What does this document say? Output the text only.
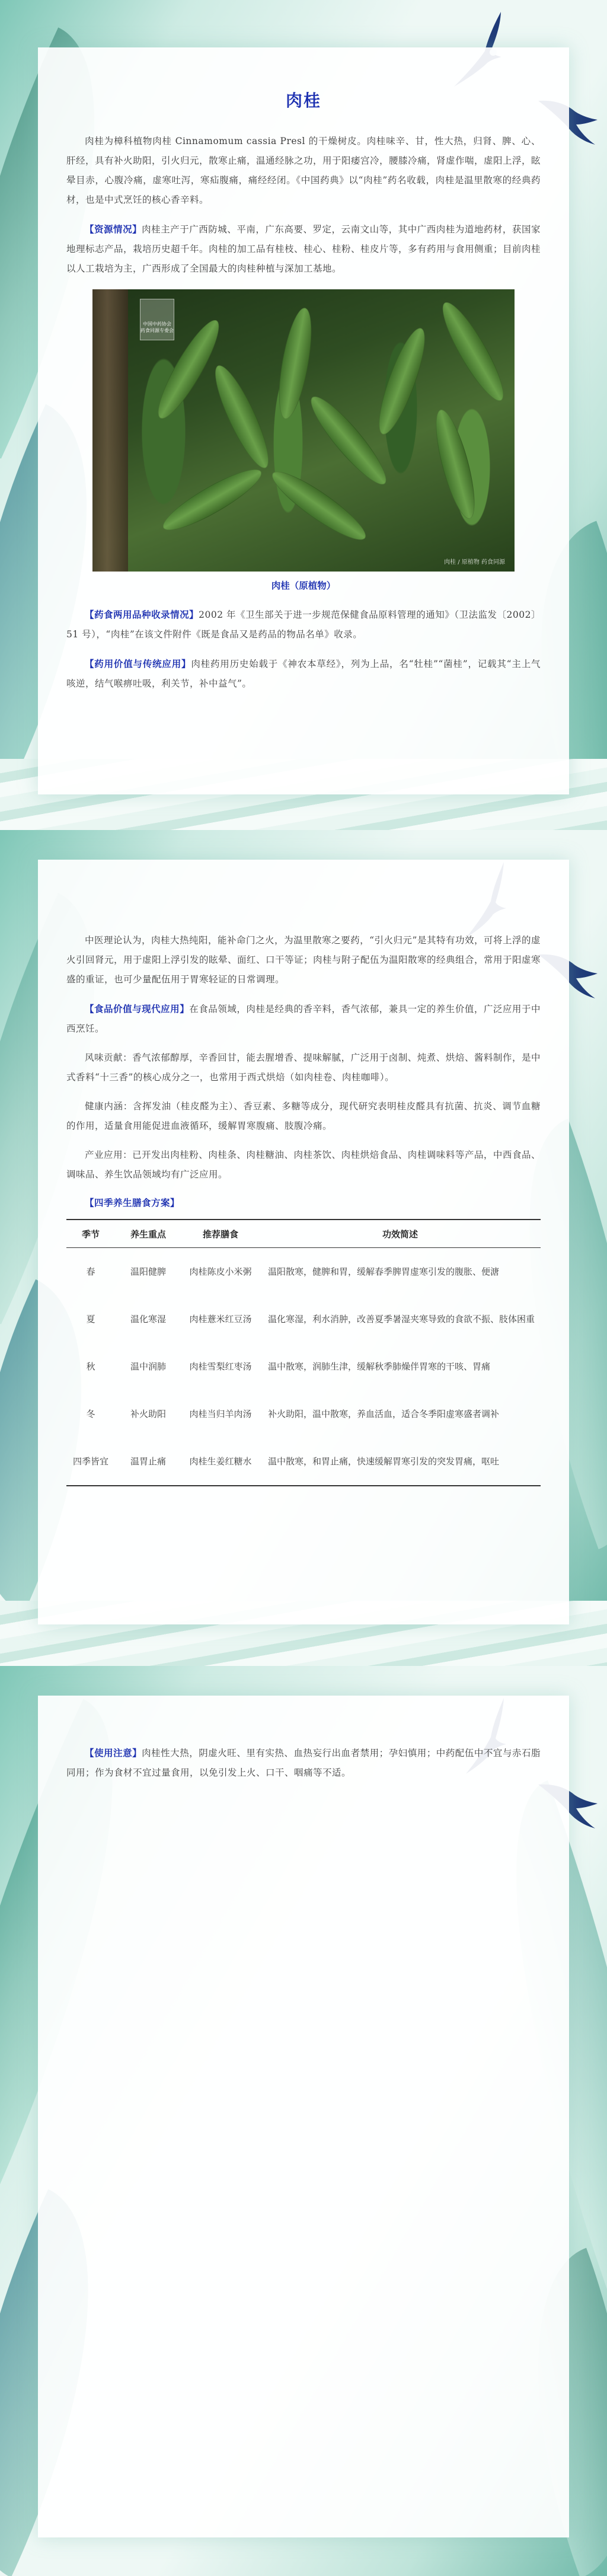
肉桂

肉桂为樟科植物肉桂 Cinnamomum cassia Presl 的干燥树皮。肉桂味辛、甘，性大热，归肾、脾、心、肝经，具有补火助阳，引火归元，散寒止痛，温通经脉之功，用于阳痿宫冷，腰膝冷痛，肾虚作喘，虚阳上浮，眩晕目赤，心腹冷痛，虚寒吐泻，寒疝腹痛，痛经经闭。《中国药典》以“肉桂”药名收载，肉桂是温里散寒的经典药材，也是中式烹饪的核心香辛料。

【资源情况】肉桂主产于广西防城、平南，广东高要、罗定，云南文山等，其中广西肉桂为道地药材，获国家地理标志产品，栽培历史超千年。肉桂的加工品有桂枝、桂心、桂粉、桂皮片等，多有药用与食用侧重；目前肉桂以人工栽培为主，广西形成了全国最大的肉桂种植与深加工基地。

中国中药协会 药食同源专委会
肉桂 / 原植物 药食同源
肉桂（原植物）

【药食两用品种收录情况】2002 年《卫生部关于进一步规范保健食品原料管理的通知》（卫法监发〔2002〕51 号），“肉桂”在该文件附件《既是食品又是药品的物品名单》收录。

【药用价值与传统应用】肉桂药用历史始载于《神农本草经》，列为上品，名“牡桂”“菌桂”，记载其“主上气咳逆，结气喉痹吐吸，利关节，补中益气”。

中医理论认为，肉桂大热纯阳，能补命门之火，为温里散寒之要药，“引火归元”是其特有功效，可将上浮的虚火引回肾元，用于虚阳上浮引发的眩晕、面红、口干等证；肉桂与附子配伍为温阳散寒的经典组合，常用于阳虚寒盛的重证，也可少量配伍用于胃寒轻证的日常调理。

【食品价值与现代应用】在食品领域，肉桂是经典的香辛料，香气浓郁，兼具一定的养生价值，广泛应用于中西烹饪。

风味贡献：香气浓郁醇厚，辛香回甘，能去腥增香、提味解腻，广泛用于卤制、炖煮、烘焙、酱料制作，是中式香料“十三香”的核心成分之一，也常用于西式烘焙（如肉桂卷、肉桂咖啡）。

健康内涵：含挥发油（桂皮醛为主）、香豆素、多糖等成分，现代研究表明桂皮醛具有抗菌、抗炎、调节血糖的作用，适量食用能促进血液循环，缓解胃寒腹痛、肢腹冷痛。

产业应用：已开发出肉桂粉、肉桂条、肉桂糖油、肉桂茶饮、肉桂烘焙食品、肉桂调味料等产品，中西食品、调味品、养生饮品领域均有广泛应用。

【四季养生膳食方案】

季节	养生重点	推荐膳食	功效简述
春	温阳健脾	肉桂陈皮小米粥	温阳散寒，健脾和胃，缓解春季脾胃虚寒引发的腹胀、便溏
夏	温化寒湿	肉桂薏米红豆汤	温化寒湿，利水消肿，改善夏季暑湿夹寒导致的食欲不振、肢体困重
秋	温中润肺	肉桂雪梨红枣汤	温中散寒，润肺生津，缓解秋季肺燥伴胃寒的干咳、胃痛
冬	补火助阳	肉桂当归羊肉汤	补火助阳，温中散寒，养血活血，适合冬季阳虚寒盛者调补
四季皆宜	温胃止痛	肉桂生姜红糖水	温中散寒，和胃止痛，快速缓解胃寒引发的突发胃痛，呕吐

【使用注意】肉桂性大热，阴虚火旺、里有实热、血热妄行出血者禁用；孕妇慎用；中药配伍中不宜与赤石脂同用；作为食材不宜过量食用，以免引发上火、口干、咽痛等不适。
